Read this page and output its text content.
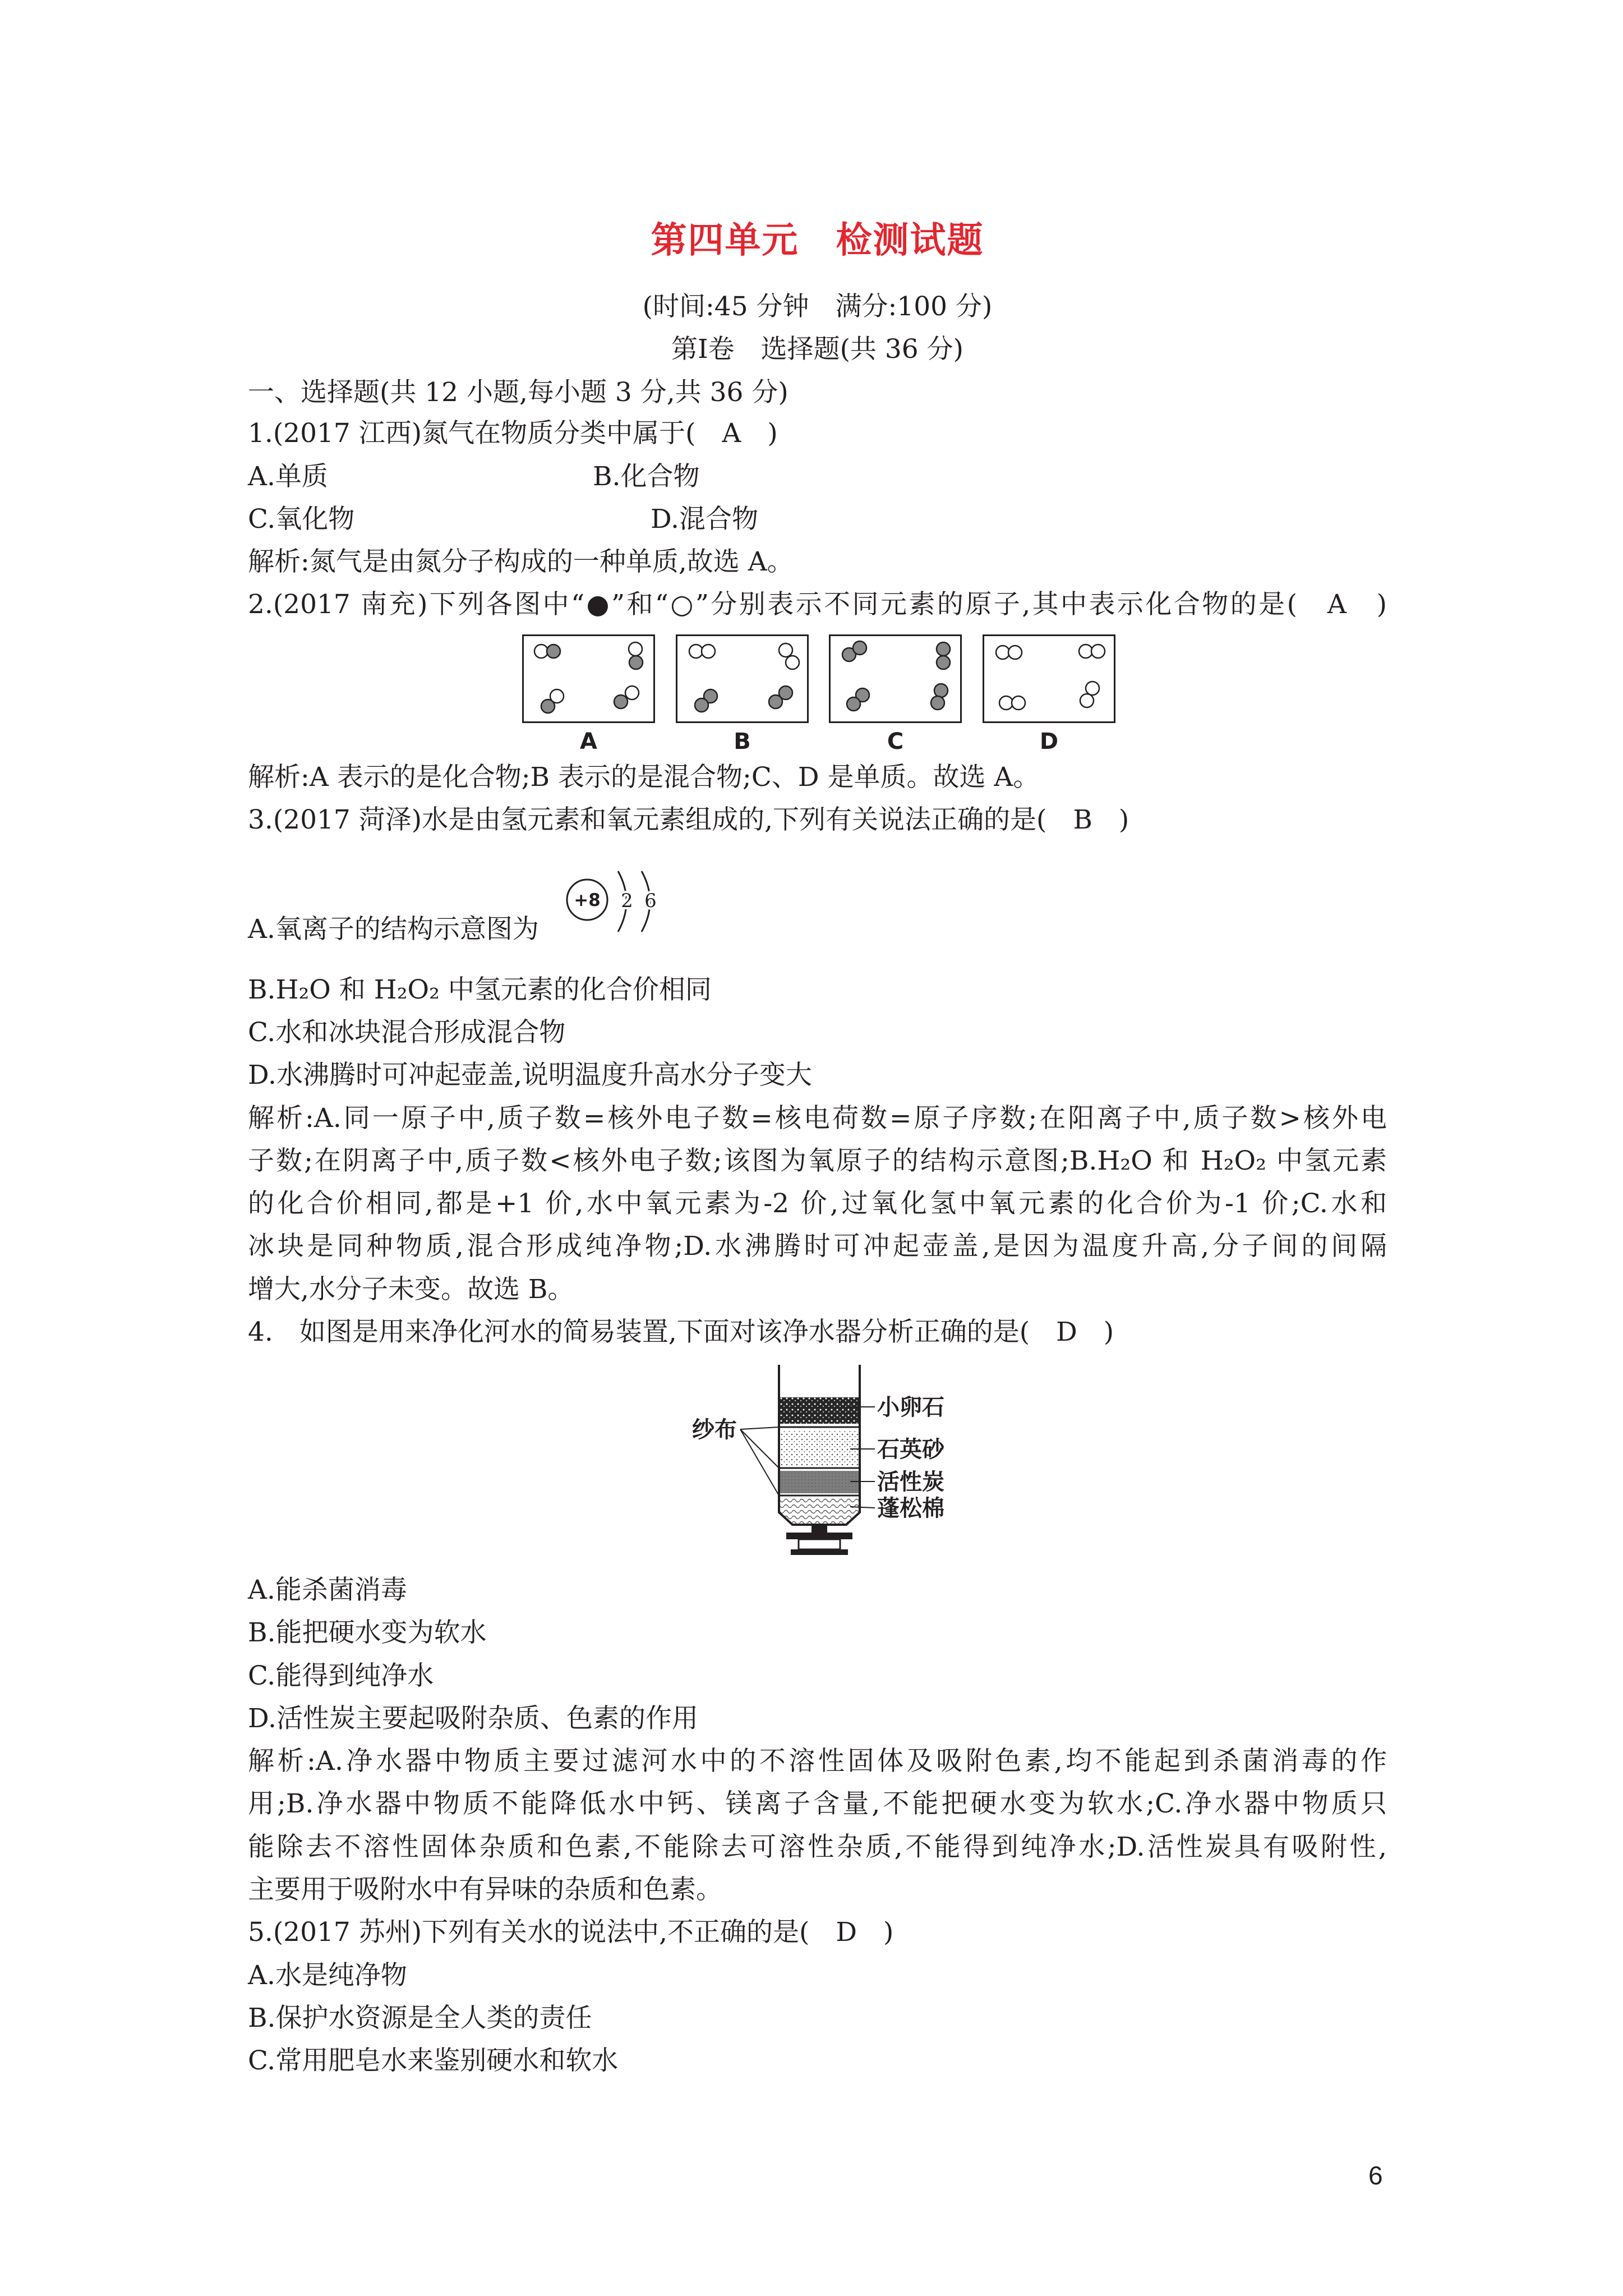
第四单元　检测试题
(时间:45 分钟　满分:100 分)
第Ⅰ卷　选择题(共 36 分)
一、选择题(共 12 小题,每小题 3 分,共 36 分)
1.(2017 江西)氮气在物质分类中属于(　A　)
A.单质	B.化合物
C.氧化物	D.混合物
解析:氮气是由氮分子构成的一种单质,故选 A。
2.(2017 南充)下列各图中“●”和“○”分别表示不同元素的原子,其中表示化合物的是(　A　)
A	B	C	D
解析:A 表示的是化合物;B 表示的是混合物;C、D 是单质。故选 A。
3.(2017 菏泽)水是由氢元素和氧元素组成的,下列有关说法正确的是(　B　)
+8 2 6
A.氧离子的结构示意图为
B.H₂O 和 H₂O₂ 中氢元素的化合价相同
C.水和冰块混合形成混合物
D.水沸腾时可冲起壶盖,说明温度升高水分子变大
解析:A.同一原子中,质子数=核外电子数=核电荷数=原子序数;在阳离子中,质子数>核外电
子数;在阴离子中,质子数<核外电子数;该图为氧原子的结构示意图;B.H₂O 和 H₂O₂ 中氢元素
的化合价相同,都是+1 价,水中氧元素为-2 价,过氧化氢中氧元素的化合价为-1 价;C.水和
冰块是同种物质,混合形成纯净物;D.水沸腾时可冲起壶盖,是因为温度升高,分子间的间隔
增大,水分子未变。故选 B。
4.　如图是用来净化河水的简易装置,下面对该净水器分析正确的是(　D　)
纱布
小卵石
石英砂
活性炭
蓬松棉
A.能杀菌消毒
B.能把硬水变为软水
C.能得到纯净水
D.活性炭主要起吸附杂质、色素的作用
解析:A.净水器中物质主要过滤河水中的不溶性固体及吸附色素,均不能起到杀菌消毒的作
用;B.净水器中物质不能降低水中钙、镁离子含量,不能把硬水变为软水;C.净水器中物质只
能除去不溶性固体杂质和色素,不能除去可溶性杂质,不能得到纯净水;D.活性炭具有吸附性,
主要用于吸附水中有异味的杂质和色素。
5.(2017 苏州)下列有关水的说法中,不正确的是(　D　)
A.水是纯净物
B.保护水资源是全人类的责任
C.常用肥皂水来鉴别硬水和软水
6
